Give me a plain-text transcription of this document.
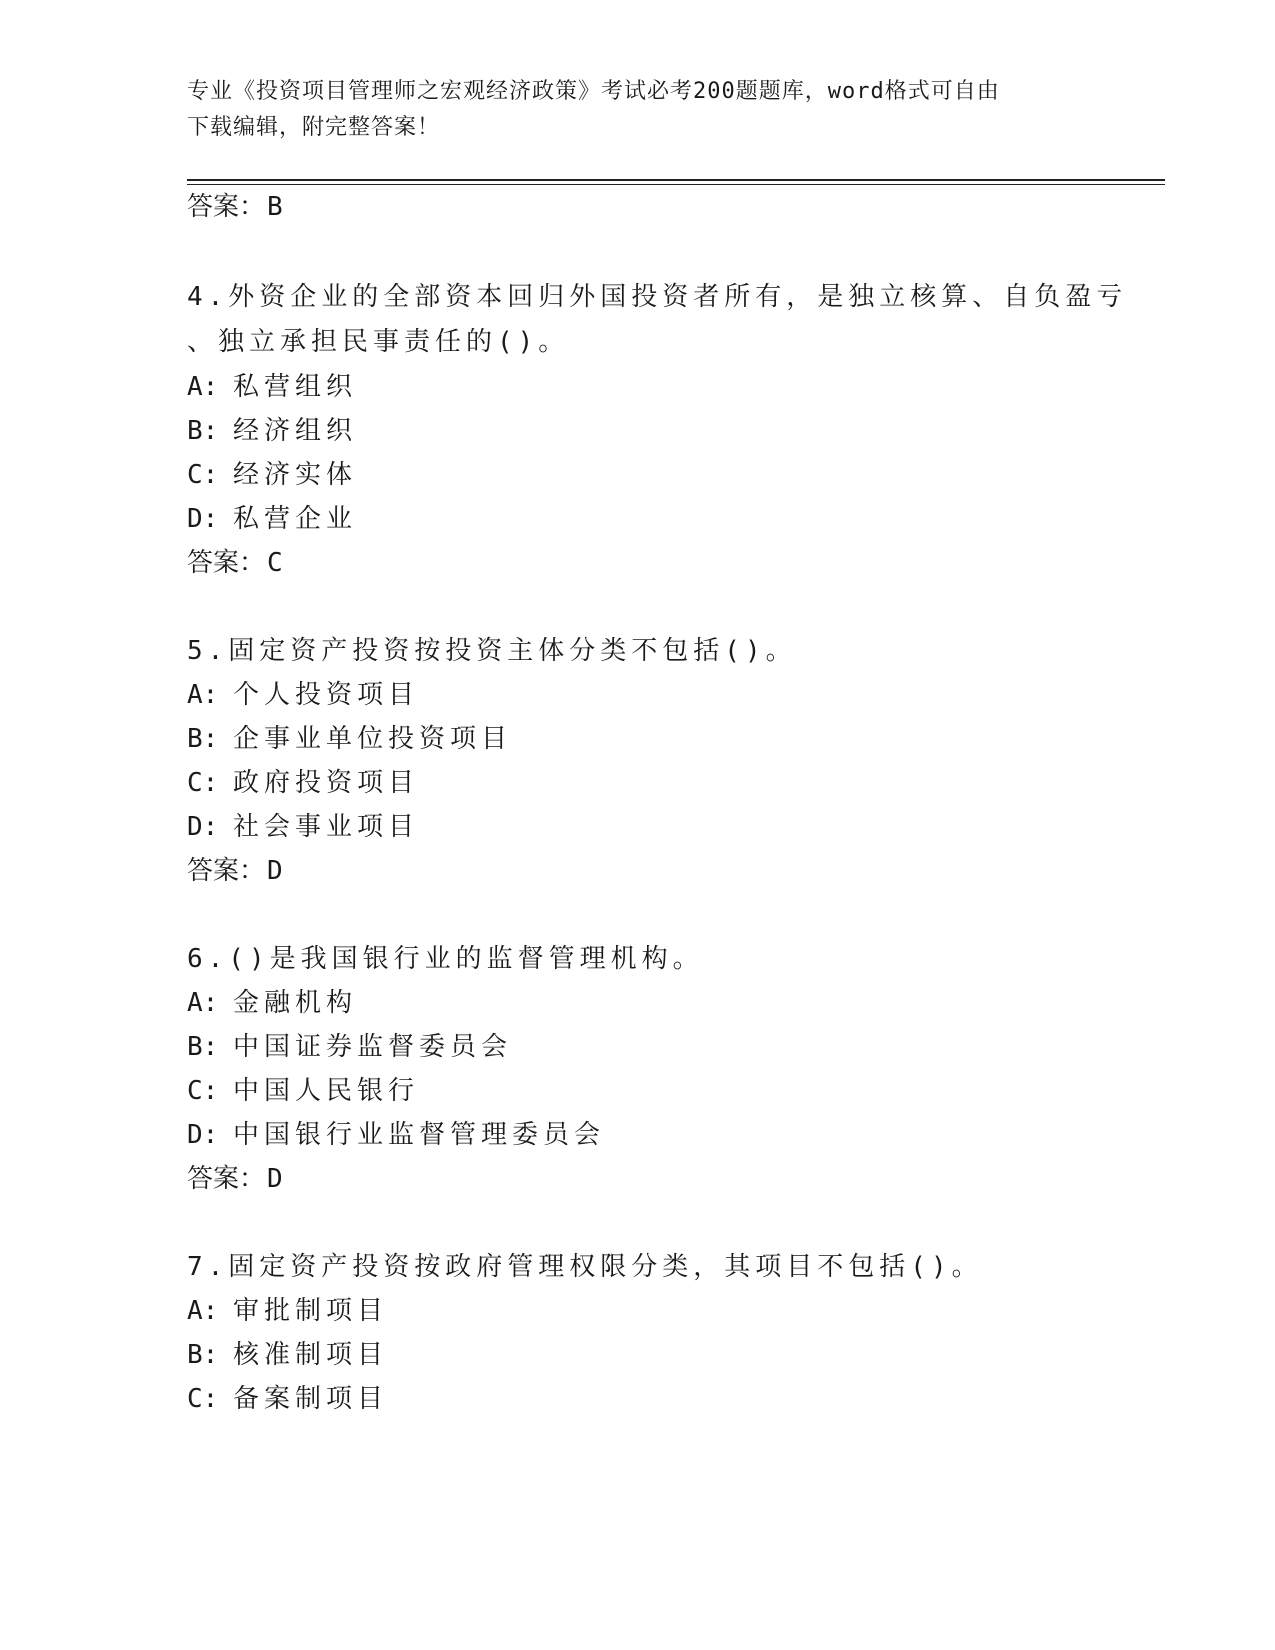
专业《投资项目管理师之宏观经济政策》考试必考200题题库，word格式可自由
下载编辑，附完整答案！
答案：B
4.外资企业的全部资本回归外国投资者所有，是独立核算、自负盈亏
、独立承担民事责任的()。
A: 私营组织
B: 经济组织
C: 经济实体
D: 私营企业
答案：C
5.固定资产投资按投资主体分类不包括()。
A: 个人投资项目
B: 企事业单位投资项目
C: 政府投资项目
D: 社会事业项目
答案：D
6.()是我国银行业的监督管理机构。
A: 金融机构
B: 中国证券监督委员会
C: 中国人民银行
D: 中国银行业监督管理委员会
答案：D
7.固定资产投资按政府管理权限分类，其项目不包括()。
A: 审批制项目
B: 核准制项目
C: 备案制项目
